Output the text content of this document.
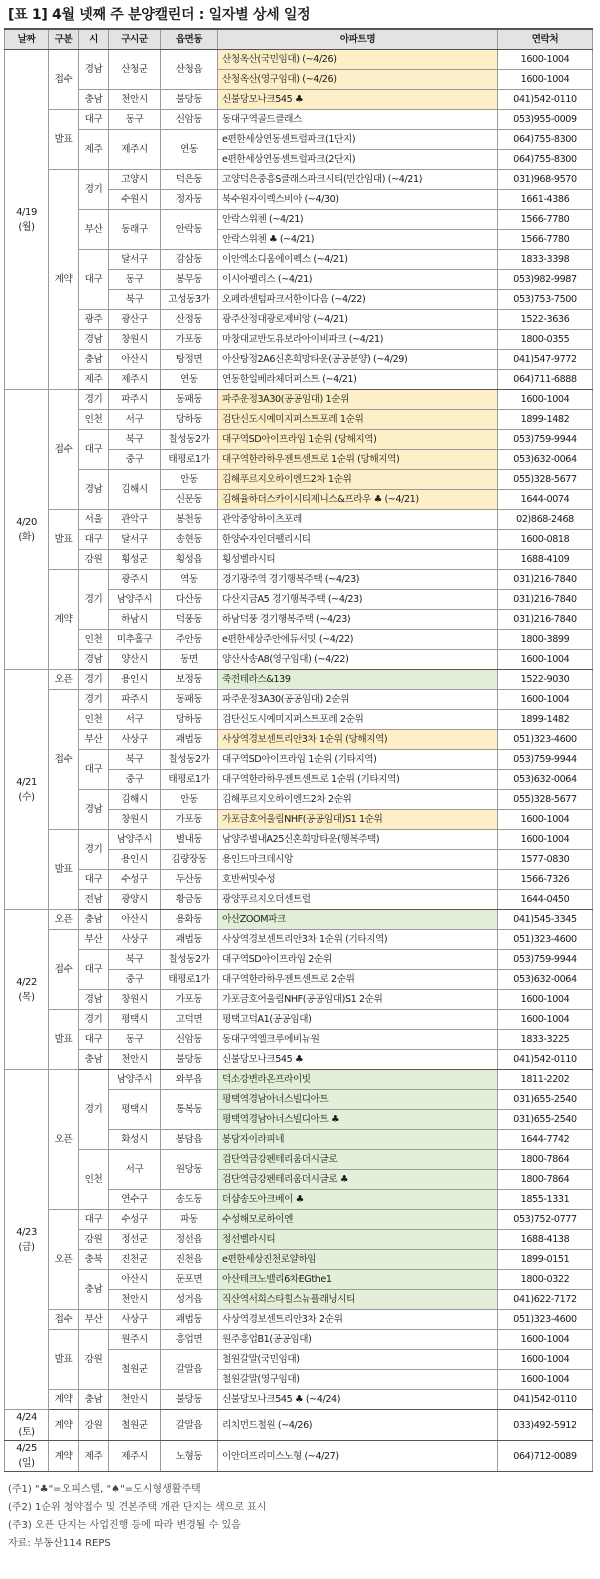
[표 1] 4월 넷째 주 분양캘린더 : 일자별 상세 일정
날짜	구분	시	구시군	읍면동	아파트명	연락처

4/19
(월)	접수	경남	산청군	산청읍	산청옥산(국민임대) (~4/26)	1600-1004
					산청옥산(영구임대) (~4/26)	1600-1004
		충남	천안시	불당동	신불당모나크545 ♣	041)542-0110
	발표	대구	동구	신암동	동대구역골드클래스	053)955-0009
		제주	제주시	연동	e편한세상연동센트럴파크(1단지)	064)755-8300
					e편한세상연동센트럴파크(2단지)	064)755-8300
	계약	경기	고양시	덕은동	고양덕은중흥S클래스파크시티(민간임대) (~4/21)	031)968-9570
			수원시	정자동	북수원자이렉스비아 (~4/30)	1661-4386
		부산	동래구	안락동	안락스위첸 (~4/21)	1566-7780
					안락스위첸 ♣ (~4/21)	1566-7780
		대구	달서구	감삼동	이안엑소디움에이펙스 (~4/21)	1833-3398
			동구	봉무동	이시아팰리스 (~4/21)	053)982-9987
			북구	고성동3가	오페라센텀파크서한이다음 (~4/22)	053)753-7500
		광주	광산구	산정동	광주산정대광로제비앙 (~4/21)	1522-3636
		경남	창원시	가포동	마창대교반도유보라아이비파크 (~4/21)	1800-0355
		충남	아산시	탕정면	아산탕정2A6신혼희망타운(공공분양) (~4/29)	041)547-9772
		제주	제주시	연동	연동한일베라체더퍼스트 (~4/21)	064)711-6888

4/20
(화)	접수	경기	파주시	동패동	파주운정3A30(공공임대) 1순위	1600-1004
		인천	서구	당하동	검단신도시예미지퍼스트포레 1순위	1899-1482
		대구	북구	칠성동2가	대구역SD아이프라임 1순위 (당해지역)	053)759-9944
			중구	태평로1가	대구역한라하우젠트센트로 1순위 (당해지역)	053)632-0064
		경남	김해시	안동	김해푸르지오하이엔드2차 1순위	055)328-5677
				신문동	김해율하더스카이시티제니스&프라우 ♣ (~4/21)	1644-0074
	발표	서울	관악구	봉천동	관악중앙하이츠포레	02)868-2468
		대구	달서구	송현동	한양수자인더팰리시티	1600-0818
		강원	횡성군	횡성읍	횡성벨라시티	1688-4109
	계약	경기	광주시	역동	경기광주역 경기행복주택 (~4/23)	031)216-7840
			남양주시	다산동	다산지금A5 경기행복주택 (~4/23)	031)216-7840
			하남시	덕풍동	하남덕풍 경기행복주택 (~4/23)	031)216-7840
		인천	미추홀구	주안동	e편한세상주안에듀서밋 (~4/22)	1800-3899
		경남	양산시	동면	양산사송A8(영구임대) (~4/22)	1600-1004

4/21
(수)	오픈	경기	용인시	보정동	죽전테라스&139	1522-9030
	접수	경기	파주시	동패동	파주운정3A30(공공임대) 2순위	1600-1004
		인천	서구	당하동	검단신도시예미지퍼스트포레 2순위	1899-1482
		부산	사상구	괘법동	사상역경보센트리안3차 1순위 (당해지역)	051)323-4600
		대구	북구	칠성동2가	대구역SD아이프라임 1순위 (기타지역)	053)759-9944
			중구	태평로1가	대구역한라하우젠트센트로 1순위 (기타지역)	053)632-0064
		경남	김해시	안동	김해푸르지오하이엔드2차 2순위	055)328-5677
			창원시	가포동	가포금호어울림NHF(공공임대)S1 1순위	1600-1004
	발표	경기	남양주시	별내동	남양주별내A25신혼희망타운(행복주택)	1600-1004
			용인시	김량장동	용인드마크데시앙	1577-0830
		대구	수성구	두산동	호반써밋수성	1566-7326
		전남	광양시	황금동	광양푸르지오더센트럴	1644-0450

4/22
(목)	오픈	충남	아산시	용화동	아산ZOOM파크	041)545-3345
	접수	부산	사상구	괘법동	사상역경보센트리안3차 1순위 (기타지역)	051)323-4600
		대구	북구	칠성동2가	대구역SD아이프라임 2순위	053)759-9944
			중구	태평로1가	대구역한라하우젠트센트로 2순위	053)632-0064
		경남	창원시	가포동	가포금호어울림NHF(공공임대)S1 2순위	1600-1004
	발표	경기	평택시	고덕면	평택고덕A1(공공임대)	1600-1004
		대구	동구	신암동	동대구역엘크루에비뉴원	1833-3225
		충남	천안시	불당동	신불당모나크545 ♣	041)542-0110

4/23
(금)	오픈	경기	남양주시	와부읍	덕소강변라온프라이빗	1811-2202
			평택시	통복동	평택역경남아너스빌디아트	031)655-2540
					평택역경남아너스빌디아트 ♣	031)655-2540
			화성시	봉담읍	봉담자이라피네	1644-7742
		인천	서구	원당동	검단역금강펜테리움더시글로	1800-7864
					검단역금강펜테리움더시글로 ♣	1800-7864
			연수구	송도동	더샵송도아크베이 ♣	1855-1331
	오픈	대구	수성구	파동	수성해모로하이엔	053)752-0777
		강원	정선군	정선읍	정선벨라시티	1688-4138
		충북	진천군	진천읍	e편한세상진천로얄하임	1899-0151
		충남	아산시	둔포면	아산테크노밸리6차EGthe1	1800-0322
			천안시	성거읍	직산역서희스타힐스뉴플래닝시티	041)622-7172
	접수	부산	사상구	괘법동	사상역경보센트리안3차 2순위	051)323-4600
	발표	강원	원주시	흥업면	원주흥업B1(공공임대)	1600-1004
			철원군	갈말읍	철원갈말(국민임대)	1600-1004
					철원갈말(영구임대)	1600-1004
	계약	충남	천안시	불당동	신불당모나크545 ♣ (~4/24)	041)542-0110

4/24
(토)	계약	강원	철원군	갈말읍	리치먼드철원 (~4/26)	033)492-5912

4/25
(일)	계약	제주	제주시	노형동	이안더프리미스노형 (~4/27)	064)712-0089
(주1) "♣"=오피스텔, "♠"=도시형생활주택
(주2) 1순위 청약접수 및 견본주택 개관 단지는 색으로 표시
(주3) 오픈 단지는 사업진행 등에 따라 변경될 수 있음
자료: 부동산114 REPS
